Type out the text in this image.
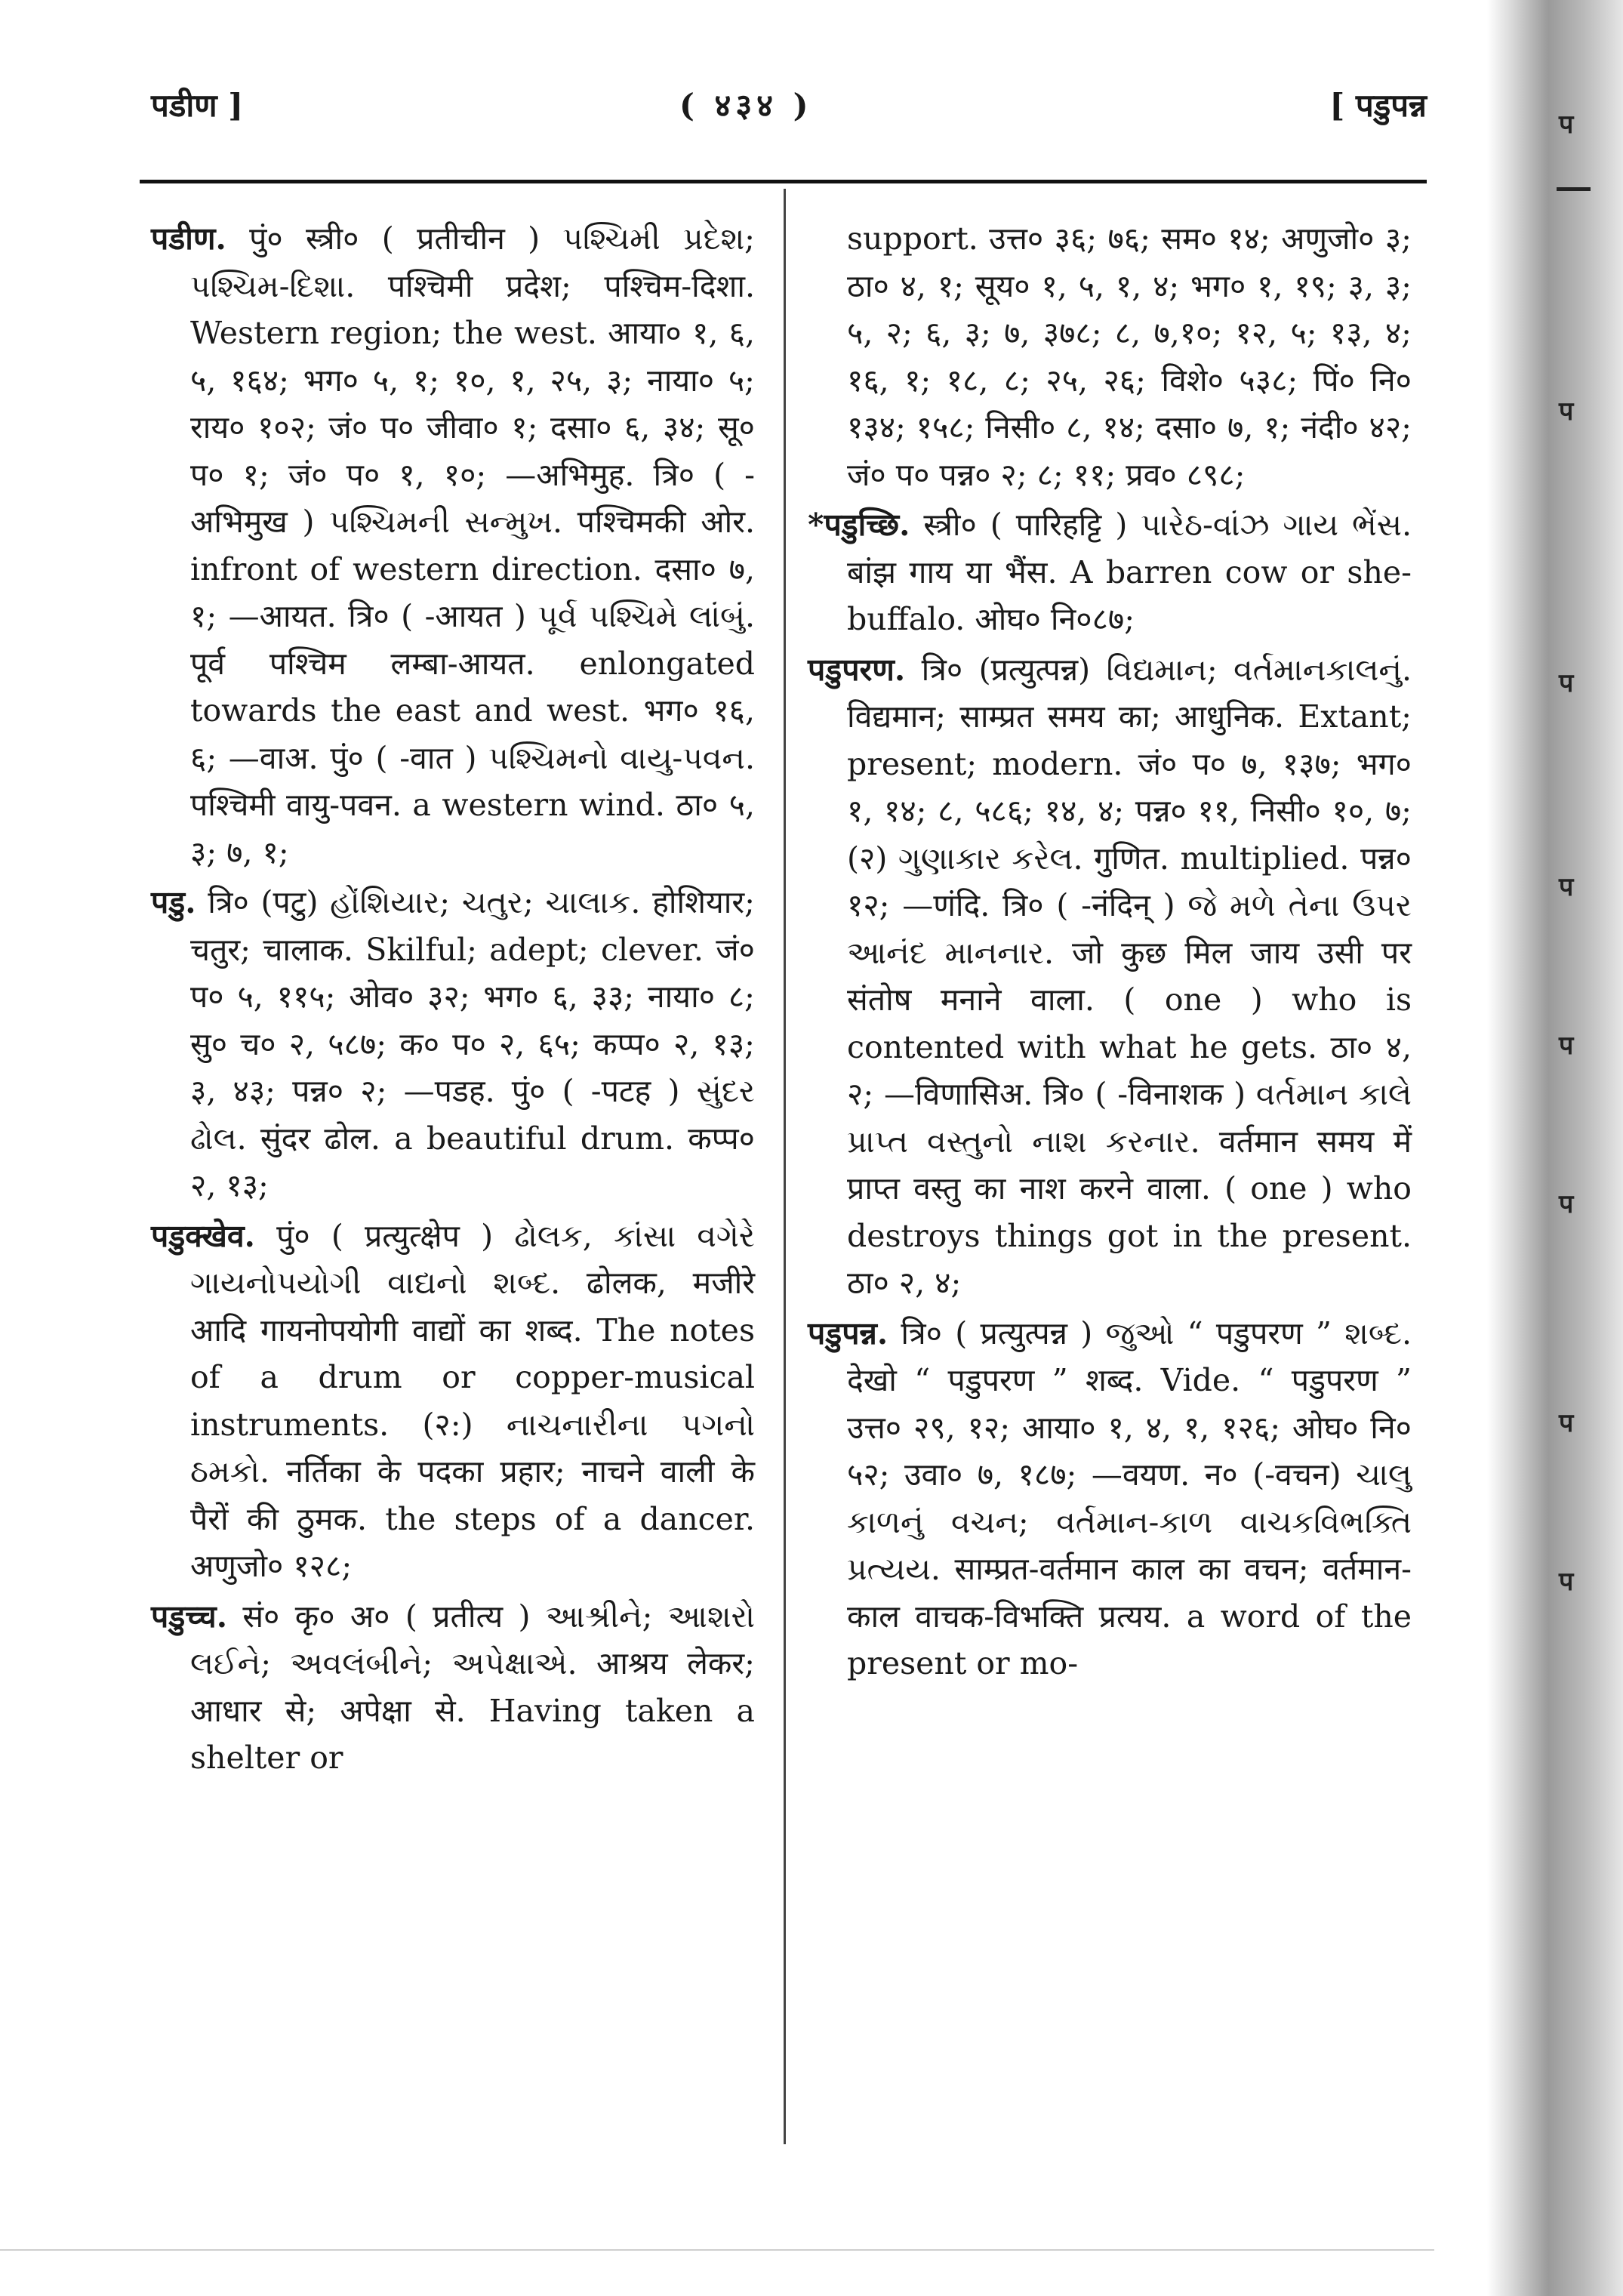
प
प
प
प
प
प
प
प
पडीण ]	( ४३४ )	[ पडुपन्न

पडीण. पुं० स्त्री० ( प्रतीचीन ) પશ્ચિમી પ્રદેશ; પશ્ચિમ-દિશા. पश्चिमी प्रदेश; पश्चिम-दिशा. Western region; the west. आया० १, ६, ५, १६४; भग० ५, १; १०, १, २५, ३; नाया० ५; राय० १०२; जं० प० जीवा० १; दसा० ६, ३४; सू० प० १; जं० प० १, १०; —अभिमुह. त्रि० ( -अभिमुख ) પશ્ચિમની સન્મુખ. पश्चिमकी ओर. infront of western direction. दसा० ७, १; —आयत. त्रि० ( -आयत ) પૂર્વ પશ્ચિમે લાંબું. पूर्व पश्चिम लम्बा-आयत. enlongated towards the east and west. भग० १६, ६; —वाअ. पुं० ( -वात ) પશ્ચિમનો વાયુ-પવન. पश्चिमी वायु-पवन. a western wind. ठा० ५, ३; ७, १;

पडु. त्रि० (पटु) હોંશિયાર; ચતુર; ચાલાક. होशियार; चतुर; चालाक. Skilful; adept; clever. जं० प० ५, ११५; ओव० ३२; भग० ६, ३३; नाया० ८; सु० च० २, ५८७; क० प० २, ६५; कप्प० २, १३; ३, ४३; पन्न० २; —पडह. पुं० ( -पटह ) સુંદર ઢોલ. सुंदर ढोल. a beautiful drum. कप्प० २, १३;

पडुक्खेव. पुं० ( प्रत्युत्क्षेप ) ઢોલક, કાંસા વગેરે ગાયનોપયોગી વાદ્યનો શબ્દ. ढोलक, मजीरे आदि गायनोपयोगी वाद्यों का शब्द. The notes of a drum or copper-musical instruments. (२:) નાચનારીના પગનો ઠમકો. नर्तिका के पदका प्रहार; नाचने वाली के पैरों की ठुमक. the steps of a dancer. अणुजो० १२८;

पडुच्च. सं० कृ० अ० ( प्रतीत्य ) આશ્રીને; આશરો લઈને; અવલંબીને; અપેક્ષાએ. आश्रय लेकर; आधार से; अपेक्षा से. Having taken a shelter or

support. उत्त० ३६; ७६; सम० १४; अणुजो० ३; ठा० ४, १; सूय० १, ५, १, ४; भग० १, १९; ३, ३; ५, २; ६, ३; ७, ३७८; ८, ७,१०; १२, ५; १३, ४; १६, १; १८, ८; २५, २६; विशे० ५३८; पिं० नि० १३४; १५८; निसी० ८, १४; दसा० ७, १; नंदी० ४२; जं० प० पन्न० २; ८; ११; प्रव० ८९८;

*पडुच्छि. स्त्री० ( पारिहट्टि ) પારેઠ-વાંઝ ગાય ભેંસ. बांझ गाय या भैंस. A barren cow or she-buffalo. ओघ० नि०८७;

पडुपरण. त्रि० (प्रत्युत्पन्न) વિદ્યમાન; વર્તમાનકાલનું. विद्यमान; साम्प्रत समय का; आधुनिक. Extant; present; modern. जं० प० ७, १३७; भग० १, १४; ८, ५८६; १४, ४; पन्न० ११, निसी० १०, ७; (२) ગુણાકાર કરેલ. गुणित. multiplied. पन्न० १२; —णंदि. त्रि० ( -नंदिन् ) જે મળે તેના ઉપર આનંદ માનનાર. जो कुछ मिल जाय उसी पर संतोष मनाने वाला. ( one ) who is contented with what he gets. ठा० ४, २; —विणासिअ. त्रि० ( -विनाशक ) વર્તમાન કાલે પ્રાપ્ત વસ્તુનો નાશ કરનાર. वर्तमान समय में प्राप्त वस्तु का नाश करने वाला. ( one ) who destroys things got in the present. ठा० २, ४;

पडुपन्न. त्रि० ( प्रत्युत्पन्न ) જુઓ “ पडुपरण ” શબ્દ. देखो “ पडुपरण ” शब्द. Vide. “ पडुपरण ” उत्त० २९, १२; आया० १, ४, १, १२६; ओघ० नि० ५२; उवा० ७, १८७; —वयण. न० (-वचन) ચાલુ કાળનું વચન; વર્તમાન-કાળ વાચકવિભક્તિ પ્રત્યય. साम्प्रत-वर्तमान काल का वचन; वर्तमान-काल वाचक-विभक्ति प्रत्यय. a word of the present or mo-
